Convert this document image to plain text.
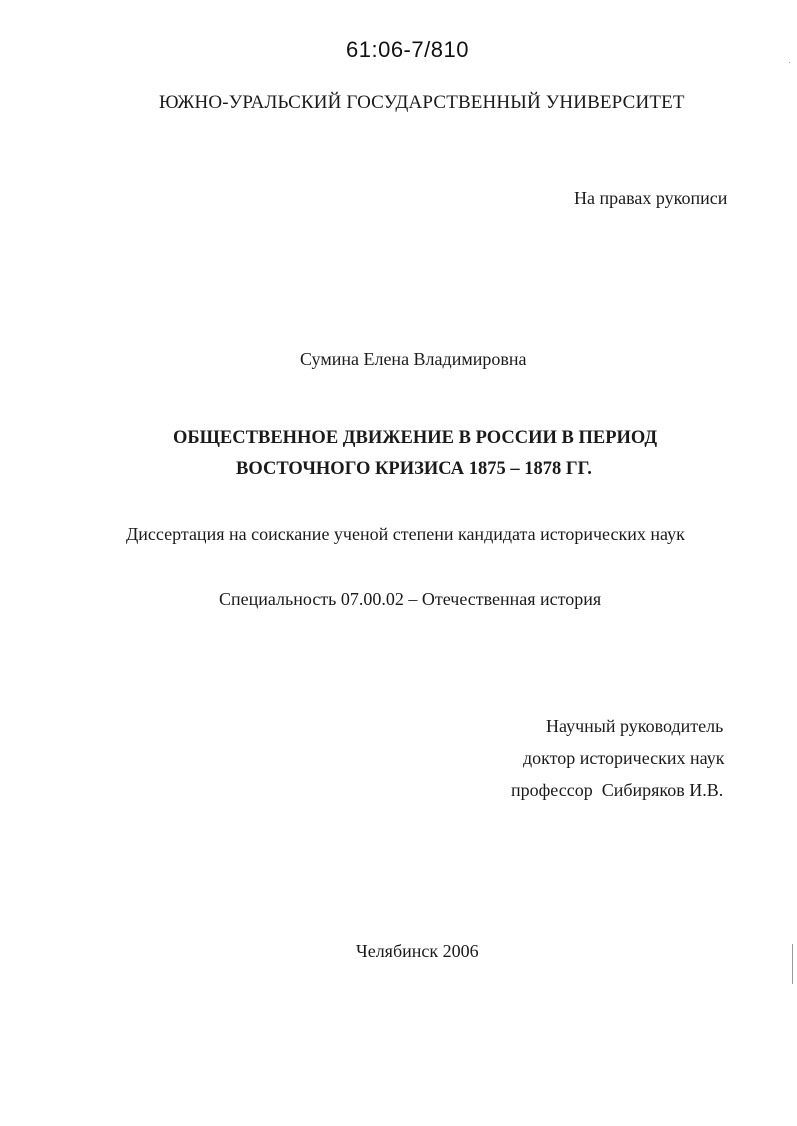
61:06-7/810
ЮЖНО-УРАЛЬСКИЙ ГОСУДАРСТВЕННЫЙ УНИВЕРСИТЕТ
На правах рукописи
Сумина Елена Владимировна
ОБЩЕСТВЕННОЕ ДВИЖЕНИЕ В РОССИИ В ПЕРИОД
ВОСТОЧНОГО КРИЗИСА 1875 – 1878 ГГ.
Диссертация на соискание ученой степени кандидата исторических наук
Специальность 07.00.02 – Отечественная история
Научный руководитель
доктор исторических наук
профессор  Сибиряков И.В.
Челябинск 2006
